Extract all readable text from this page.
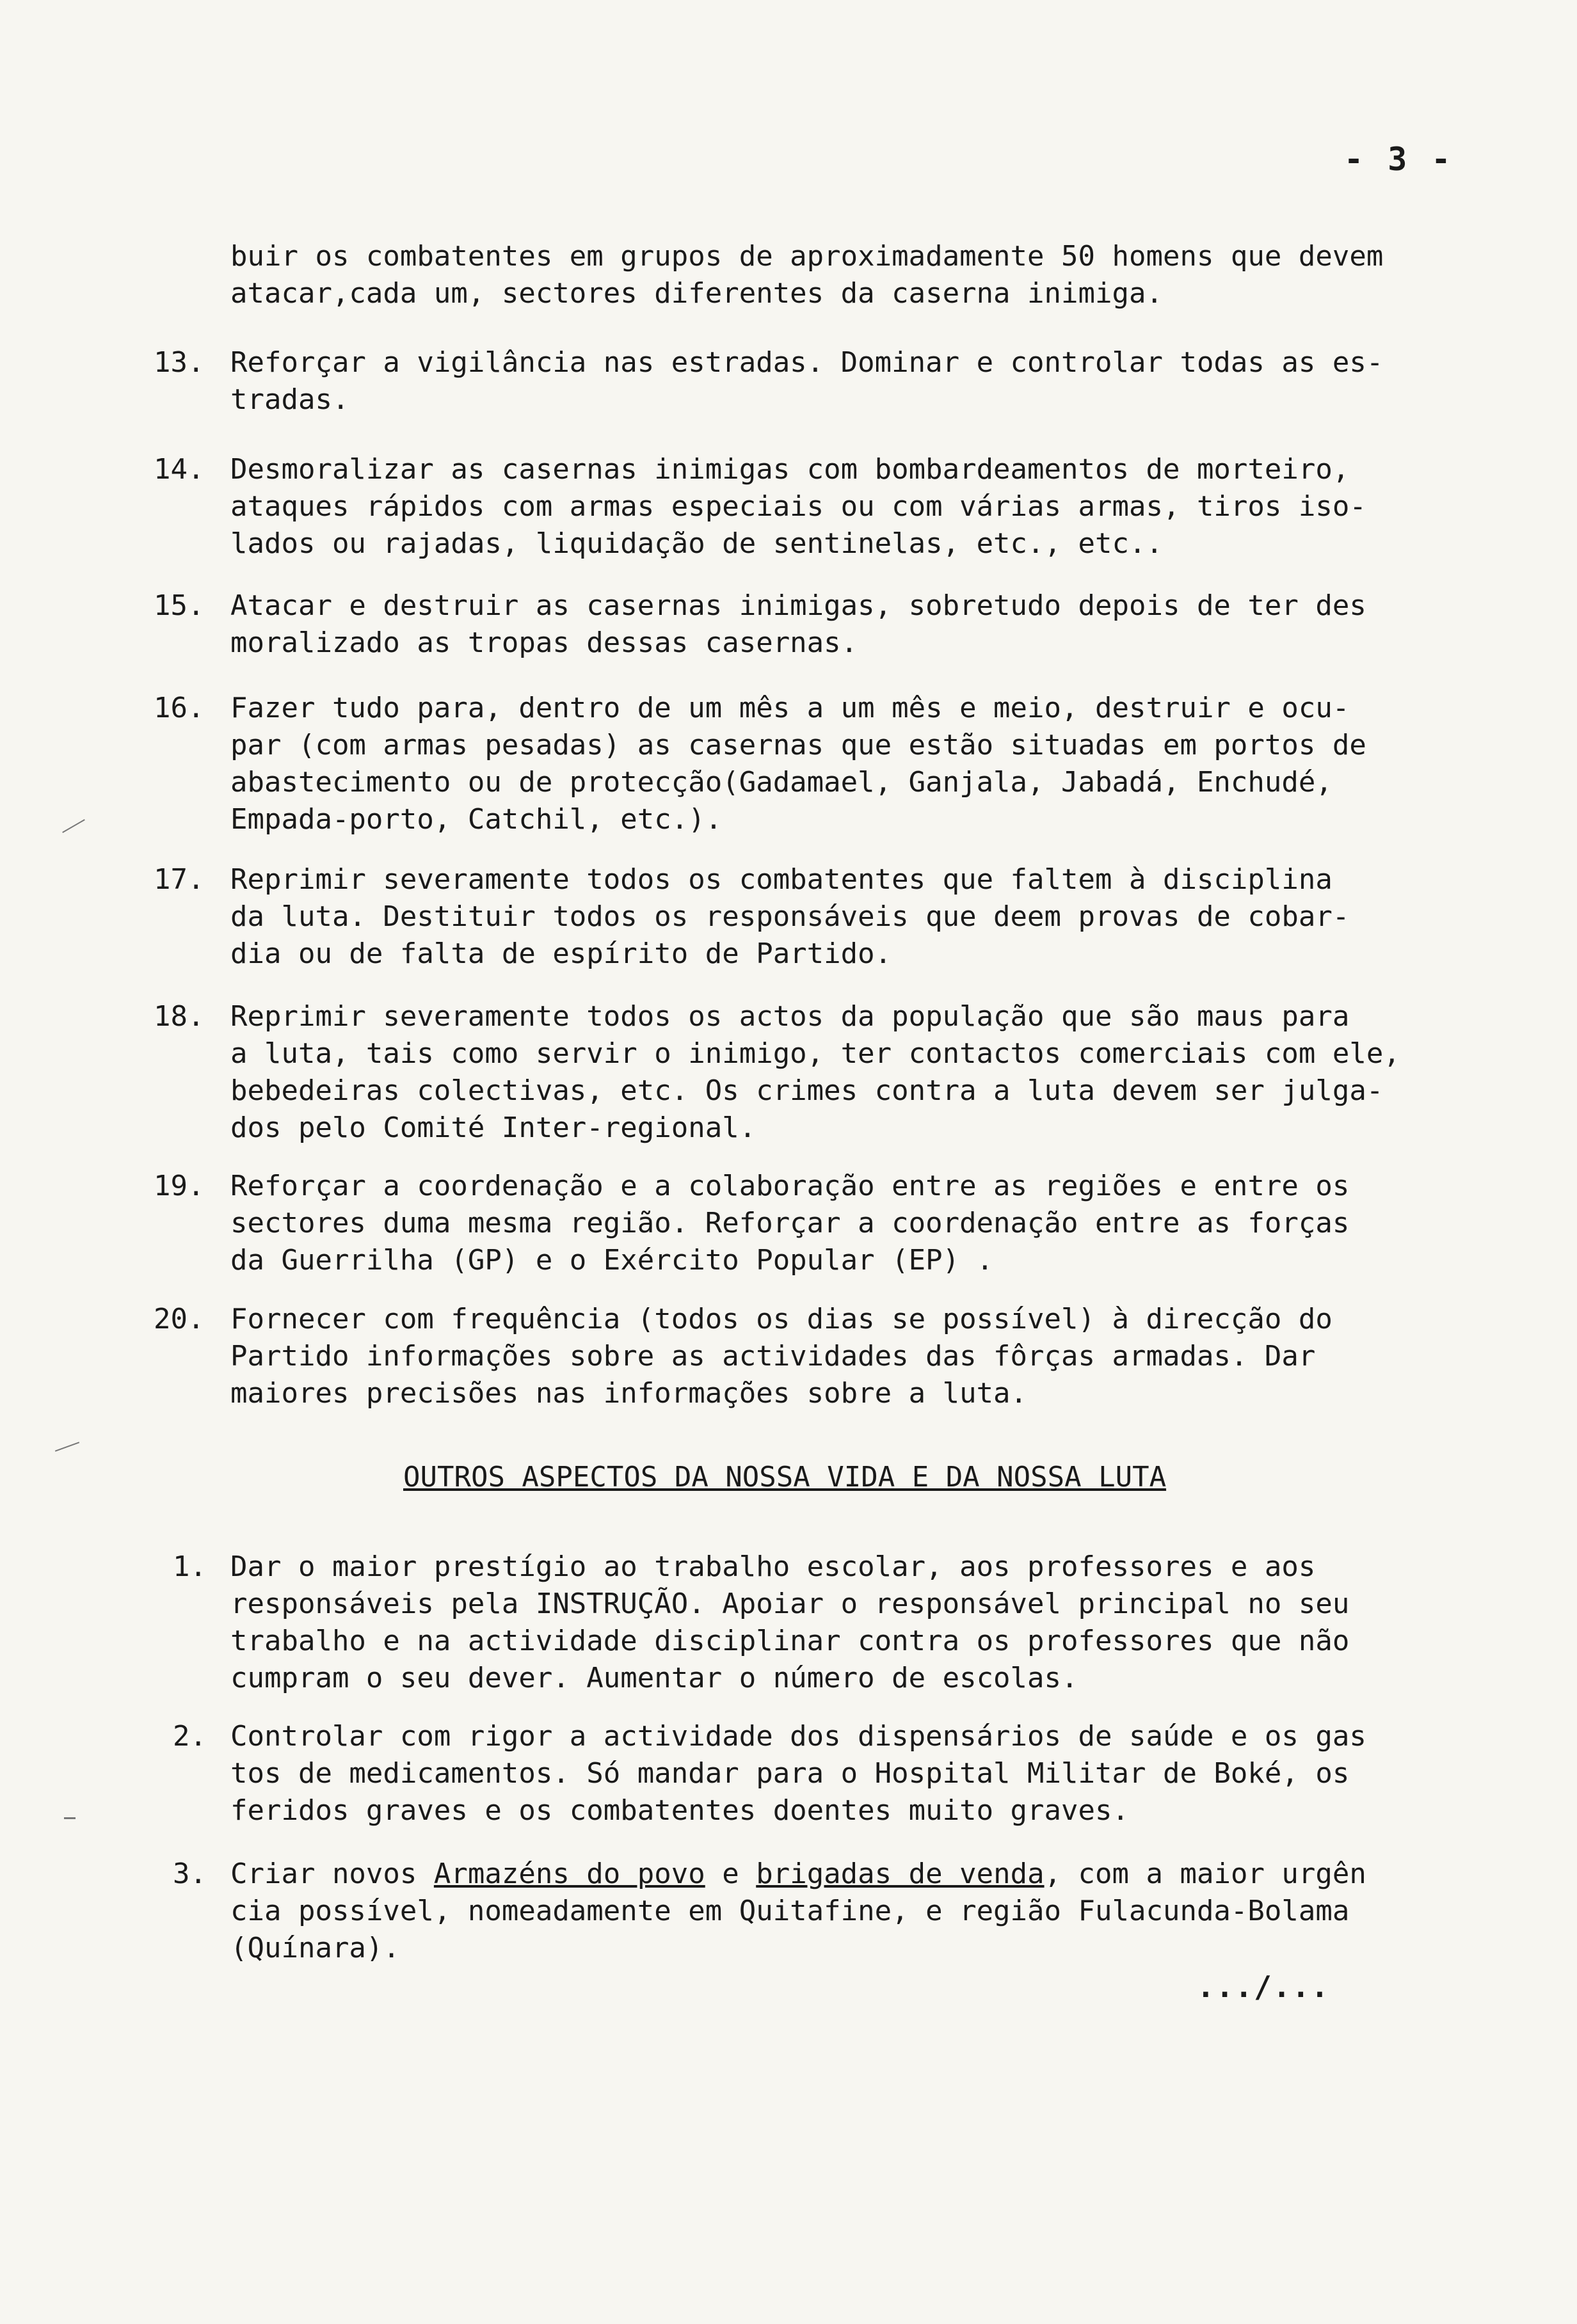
- 3 -
buir os combatentes em grupos de aproximadamente 50 homens que devem
atacar,cada um, sectores diferentes da caserna inimiga.
13. Reforçar a vigilância nas estradas. Dominar e controlar todas as es-
tradas.
14. Desmoralizar as casernas inimigas com bombardeamentos de morteiro,
ataques rápidos com armas especiais ou com várias armas, tiros iso-
lados ou rajadas, liquidação de sentinelas, etc., etc..
15. Atacar e destruir as casernas inimigas, sobretudo depois de ter des
moralizado as tropas dessas casernas.
16. Fazer tudo para, dentro de um mês a um mês e meio, destruir e ocu-
par (com armas pesadas) as casernas que estão situadas em portos de
abastecimento ou de protecção(Gadamael, Ganjala, Jabadá, Enchudé,
Empada-porto, Catchil, etc.).
17. Reprimir severamente todos os combatentes que faltem à disciplina
da luta. Destituir todos os responsáveis que deem provas de cobar-
dia ou de falta de espírito de Partido.
18. Reprimir severamente todos os actos da população que são maus para
a luta, tais como servir o inimigo, ter contactos comerciais com ele,
bebedeiras colectivas, etc. Os crimes contra a luta devem ser julga-
dos pelo Comité Inter-regional.
19. Reforçar a coordenação e a colaboração entre as regiões e entre os
sectores duma mesma região. Reforçar a coordenação entre as forças
da Guerrilha (GP) e o Exército Popular (EP) .
20. Fornecer com frequência (todos os dias se possível) à direcção do
Partido informações sobre as actividades das fôrças armadas. Dar
maiores precisões nas informações sobre a luta.
OUTROS ASPECTOS DA NOSSA VIDA E DA NOSSA LUTA
1. Dar o maior prestígio ao trabalho escolar, aos professores e aos
responsáveis pela INSTRUÇÃO. Apoiar o responsável principal no seu
trabalho e na actividade disciplinar contra os professores que não
cumpram o seu dever. Aumentar o número de escolas.
2. Controlar com rigor a actividade dos dispensários de saúde e os gas
tos de medicamentos. Só mandar para o Hospital Militar de Boké, os
feridos graves e os combatentes doentes muito graves.
3. Criar novos Armazéns do povo e brigadas de venda, com a maior urgên
cia possível, nomeadamente em Quitafine, e região Fulacunda-Bolama
(Quínara).
.../...
